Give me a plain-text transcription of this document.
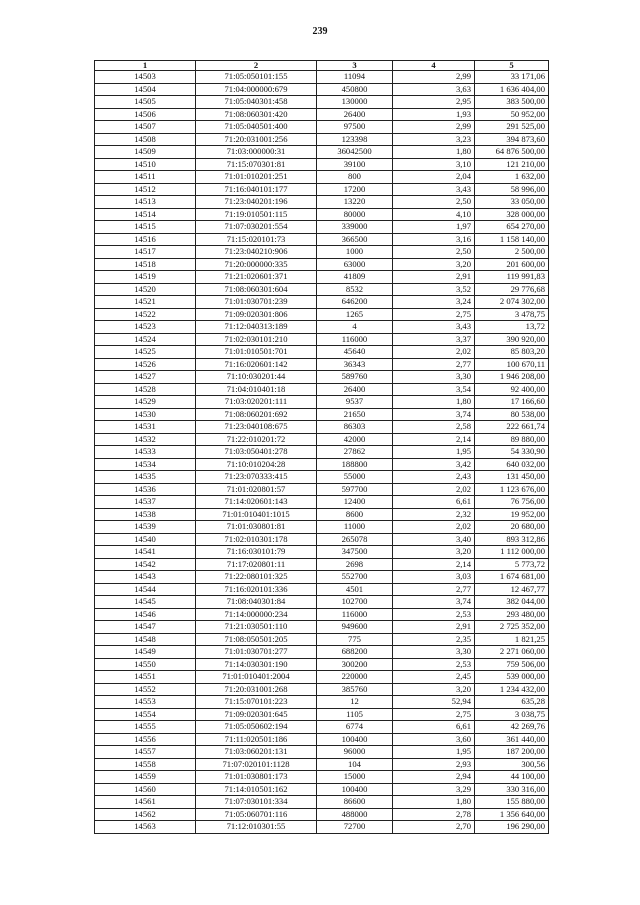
239
1	2	3	4	5
14503	71:05:050101:155	11094	2,99	33 171,06
14504	71:04:000000:679	450800	3,63	1 636 404,00
14505	71:05:040301:458	130000	2,95	383 500,00
14506	71:08:060301:420	26400	1,93	50 952,00
14507	71:05:040501:400	97500	2,99	291 525,00
14508	71:20:031001:256	123398	3,23	394 873,60
14509	71:03:000000:31	36042500	1,80	64 876 500,00
14510	71:15:070301:81	39100	3,10	121 210,00
14511	71:01:010201:251	800	2,04	1 632,00
14512	71:16:040101:177	17200	3,43	58 996,00
14513	71:23:040201:196	13220	2,50	33 050,00
14514	71:19:010501:115	80000	4,10	328 000,00
14515	71:07:030201:554	339000	1,97	654 270,00
14516	71:15:020101:73	366500	3,16	1 158 140,00
14517	71:23:040210:906	1000	2,50	2 500,00
14518	71:20:000000:335	63000	3,20	201 600,00
14519	71:21:020601:371	41809	2,91	119 991,83
14520	71:08:060301:604	8532	3,52	29 776,68
14521	71:01:030701:239	646200	3,24	2 074 302,00
14522	71:09:020301:806	1265	2,75	3 478,75
14523	71:12:040313:189	4	3,43	13,72
14524	71:02:030101:210	116000	3,37	390 920,00
14525	71:01:010501:701	45640	2,02	85 803,20
14526	71:16:020601:142	36343	2,77	100 670,11
14527	71:10:030201:44	589760	3,30	1 946 208,00
14528	71:04:010401:18	26400	3,54	92 400,00
14529	71:03:020201:111	9537	1,80	17 166,60
14530	71:08:060201:692	21650	3,74	80 538,00
14531	71:23:040108:675	86303	2,58	222 661,74
14532	71:22:010201:72	42000	2,14	89 880,00
14533	71:03:050401:278	27862	1,95	54 330,90
14534	71:10:010204:28	188800	3,42	640 032,00
14535	71:23:070333:415	55000	2,43	131 450,00
14536	71:01:020801:57	597700	2,02	1 123 676,00
14537	71:14:020601:143	12400	6,61	76 756,00
14538	71:01:010401:1015	8600	2,32	19 952,00
14539	71:01:030801:81	11000	2,02	20 680,00
14540	71:02:010301:178	265078	3,40	893 312,86
14541	71:16:030101:79	347500	3,20	1 112 000,00
14542	71:17:020801:11	2698	2,14	5 773,72
14543	71:22:080101:325	552700	3,03	1 674 681,00
14544	71:16:020101:336	4501	2,77	12 467,77
14545	71:08:040301:84	102700	3,74	382 044,00
14546	71:14:000000:234	116000	2,53	293 480,00
14547	71:21:030501:110	949600	2,91	2 725 352,00
14548	71:08:050501:205	775	2,35	1 821,25
14549	71:01:030701:277	688200	3,30	2 271 060,00
14550	71:14:030301:190	300200	2,53	759 506,00
14551	71:01:010401:2004	220000	2,45	539 000,00
14552	71:20:031001:268	385760	3,20	1 234 432,00
14553	71:15:070101:223	12	52,94	635,28
14554	71:09:020301:645	1105	2,75	3 038,75
14555	71:05:050602:194	6774	6,61	42 269,76
14556	71:11:020501:186	100400	3,60	361 440,00
14557	71:03:060201:131	96000	1,95	187 200,00
14558	71:07:020101:1128	104	2,93	300,56
14559	71:01:030801:173	15000	2,94	44 100,00
14560	71:14:010501:162	100400	3,29	330 316,00
14561	71:07:030101:334	86600	1,80	155 880,00
14562	71:05:060701:116	488000	2,78	1 356 640,00
14563	71:12:010301:55	72700	2,70	196 290,00
